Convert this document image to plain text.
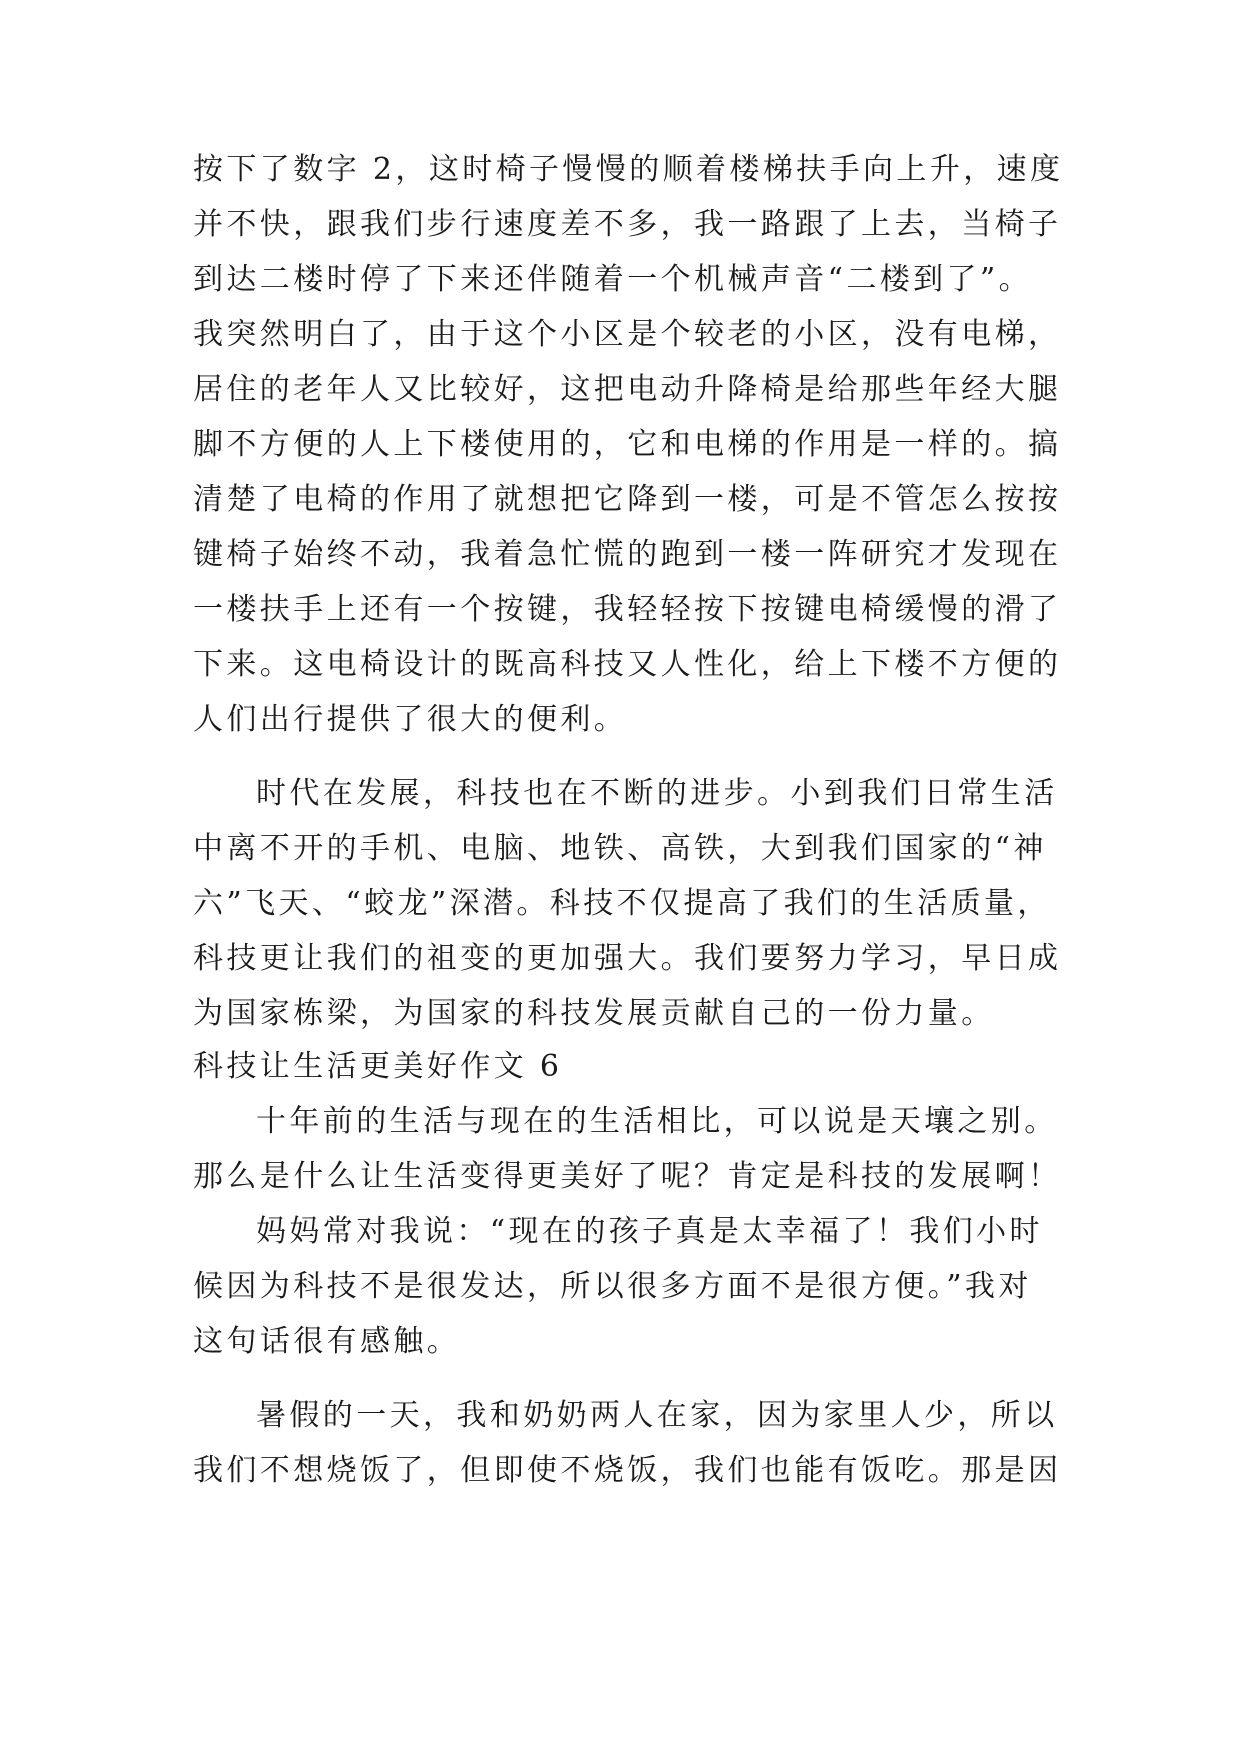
按下了数字 2，这时椅子慢慢的顺着楼梯扶手向上升，速度
并不快，跟我们步行速度差不多，我一路跟了上去，当椅子
到达二楼时停了下来还伴随着一个机械声音“二楼到了”。
我突然明白了，由于这个小区是个较老的小区，没有电梯，
居住的老年人又比较好，这把电动升降椅是给那些年经大腿
脚不方便的人上下楼使用的，它和电梯的作用是一样的。搞
清楚了电椅的作用了就想把它降到一楼，可是不管怎么按按
键椅子始终不动，我着急忙慌的跑到一楼一阵研究才发现在
一楼扶手上还有一个按键，我轻轻按下按键电椅缓慢的滑了
下来。这电椅设计的既高科技又人性化，给上下楼不方便的
人们出行提供了很大的便利。
时代在发展，科技也在不断的进步。小到我们日常生活
中离不开的手机、电脑、地铁、高铁，大到我们国家的“神
六”飞天、“蛟龙”深潜。科技不仅提高了我们的生活质量，
科技更让我们的祖变的更加强大。我们要努力学习，早日成
为国家栋梁，为国家的科技发展贡献自己的一份力量。
科技让生活更美好作文 6
十年前的生活与现在的生活相比，可以说是天壤之别。
那么是什么让生活变得更美好了呢？肯定是科技的发展啊！
妈妈常对我说：“现在的孩子真是太幸福了！我们小时
候因为科技不是很发达，所以很多方面不是很方便。”我对
这句话很有感触。
暑假的一天，我和奶奶两人在家，因为家里人少，所以
我们不想烧饭了，但即使不烧饭，我们也能有饭吃。那是因
